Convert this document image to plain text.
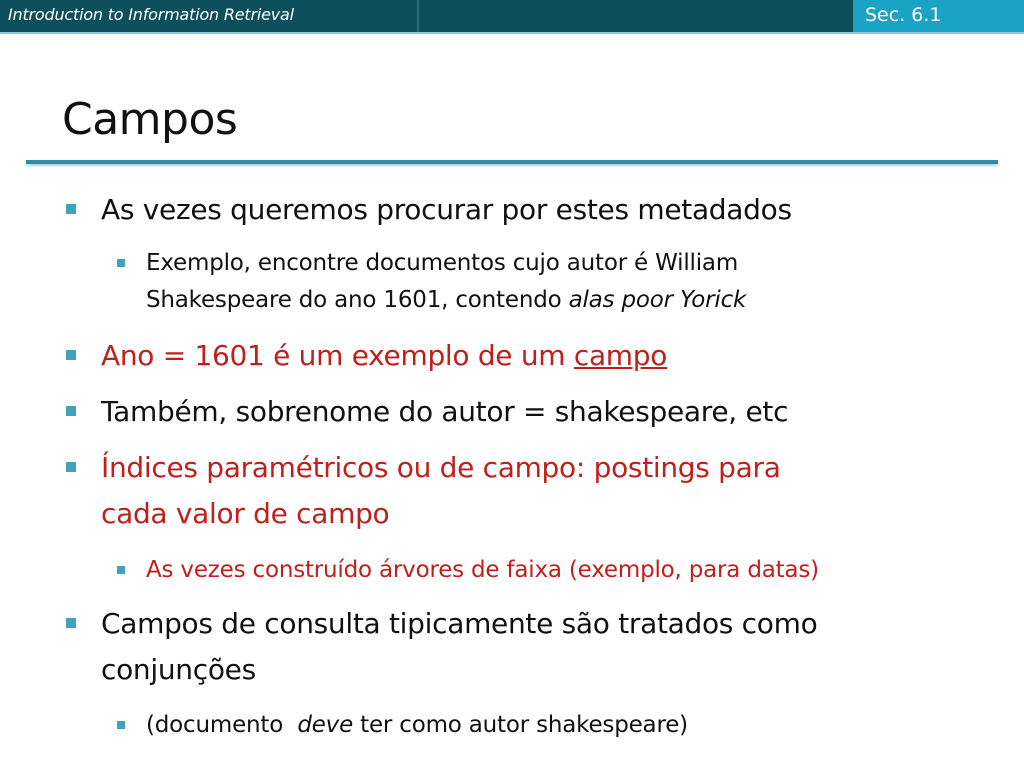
Introduction to Information Retrieval	Sec. 6.1
Campos
As vezes queremos procurar por estes metadados
Exemplo, encontre documentos cujo autor é William
Shakespeare do ano 1601, contendo alas poor Yorick
Ano = 1601 é um exemplo de um campo
Também, sobrenome do autor = shakespeare, etc
Índices paramétricos ou de campo: postings para
cada valor de campo
As vezes construído árvores de faixa (exemplo, para datas)
Campos de consulta tipicamente são tratados como
conjunções
(documento  deve ter como autor shakespeare)
